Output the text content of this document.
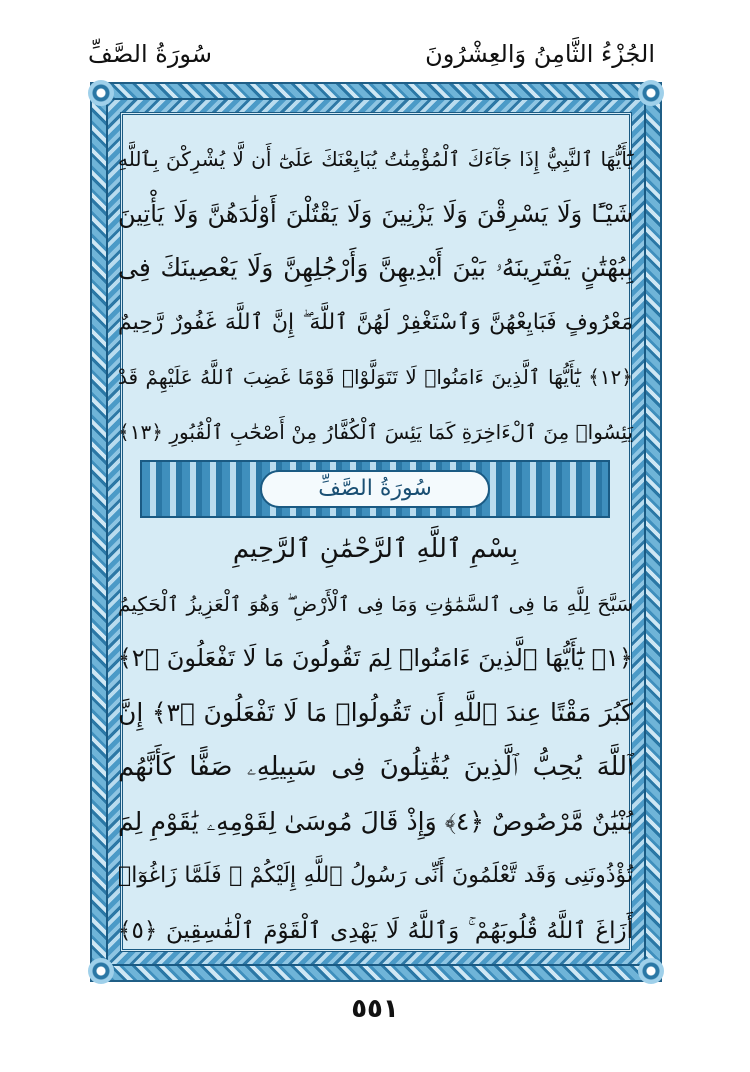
الجُزْءُ الثَّامِنُ وَالعِشْرُونَ
سُورَةُ الصَّفِّ
يَٰٓأَيُّهَا ٱلنَّبِيُّ إِذَا جَآءَكَ ٱلْمُؤْمِنَٰتُ يُبَايِعْنَكَ عَلَىٰٓ أَن لَّا يُشْرِكْنَ بِٱللَّهِ
شَيْـًٔا وَلَا يَسْرِقْنَ وَلَا يَزْنِينَ وَلَا يَقْتُلْنَ أَوْلَٰدَهُنَّ وَلَا يَأْتِينَ
بِبُهْتَٰنٍ يَفْتَرِينَهُۥ بَيْنَ أَيْدِيهِنَّ وَأَرْجُلِهِنَّ وَلَا يَعْصِينَكَ فِى
مَعْرُوفٍ فَبَايِعْهُنَّ وَٱسْتَغْفِرْ لَهُنَّ ٱللَّهَ ۖ إِنَّ ٱللَّهَ غَفُورٌ رَّحِيمٌ
﴿١٢﴾ يَٰٓأَيُّهَا ٱلَّذِينَ ءَامَنُوا۟ لَا تَتَوَلَّوْا۟ قَوْمًا غَضِبَ ٱللَّهُ عَلَيْهِمْ قَدْ
يَئِسُوا۟ مِنَ ٱلْءَاخِرَةِ كَمَا يَئِسَ ٱلْكُفَّارُ مِنْ أَصْحَٰبِ ٱلْقُبُورِ ﴿١٣﴾
سُورَةُ الصَّفِّ
بِسْمِ ٱللَّهِ ٱلرَّحْمَٰنِ ٱلرَّحِيمِ
سَبَّحَ لِلَّهِ مَا فِى ٱلسَّمَٰوَٰتِ وَمَا فِى ٱلْأَرْضِ ۖ وَهُوَ ٱلْعَزِيزُ ٱلْحَكِيمُ
﴿١﴾ يَٰٓأَيُّهَا ٱلَّذِينَ ءَامَنُوا۟ لِمَ تَقُولُونَ مَا لَا تَفْعَلُونَ ﴿٢﴾
كَبُرَ مَقْتًا عِندَ ٱللَّهِ أَن تَقُولُوا۟ مَا لَا تَفْعَلُونَ ﴿٣﴾ إِنَّ
ٱللَّهَ يُحِبُّ ٱلَّذِينَ يُقَٰتِلُونَ فِى سَبِيلِهِۦ صَفًّا كَأَنَّهُم
بُنْيَٰنٌ مَّرْصُوصٌ ﴿٤﴾ وَإِذْ قَالَ مُوسَىٰ لِقَوْمِهِۦ يَٰقَوْمِ لِمَ
تُؤْذُونَنِى وَقَد تَّعْلَمُونَ أَنِّى رَسُولُ ٱللَّهِ إِلَيْكُمْ ۖ فَلَمَّا زَاغُوٓا۟
أَزَاغَ ٱللَّهُ قُلُوبَهُمْ ۚ وَٱللَّهُ لَا يَهْدِى ٱلْقَوْمَ ٱلْفَٰسِقِينَ ﴿٥﴾
٥٥١
